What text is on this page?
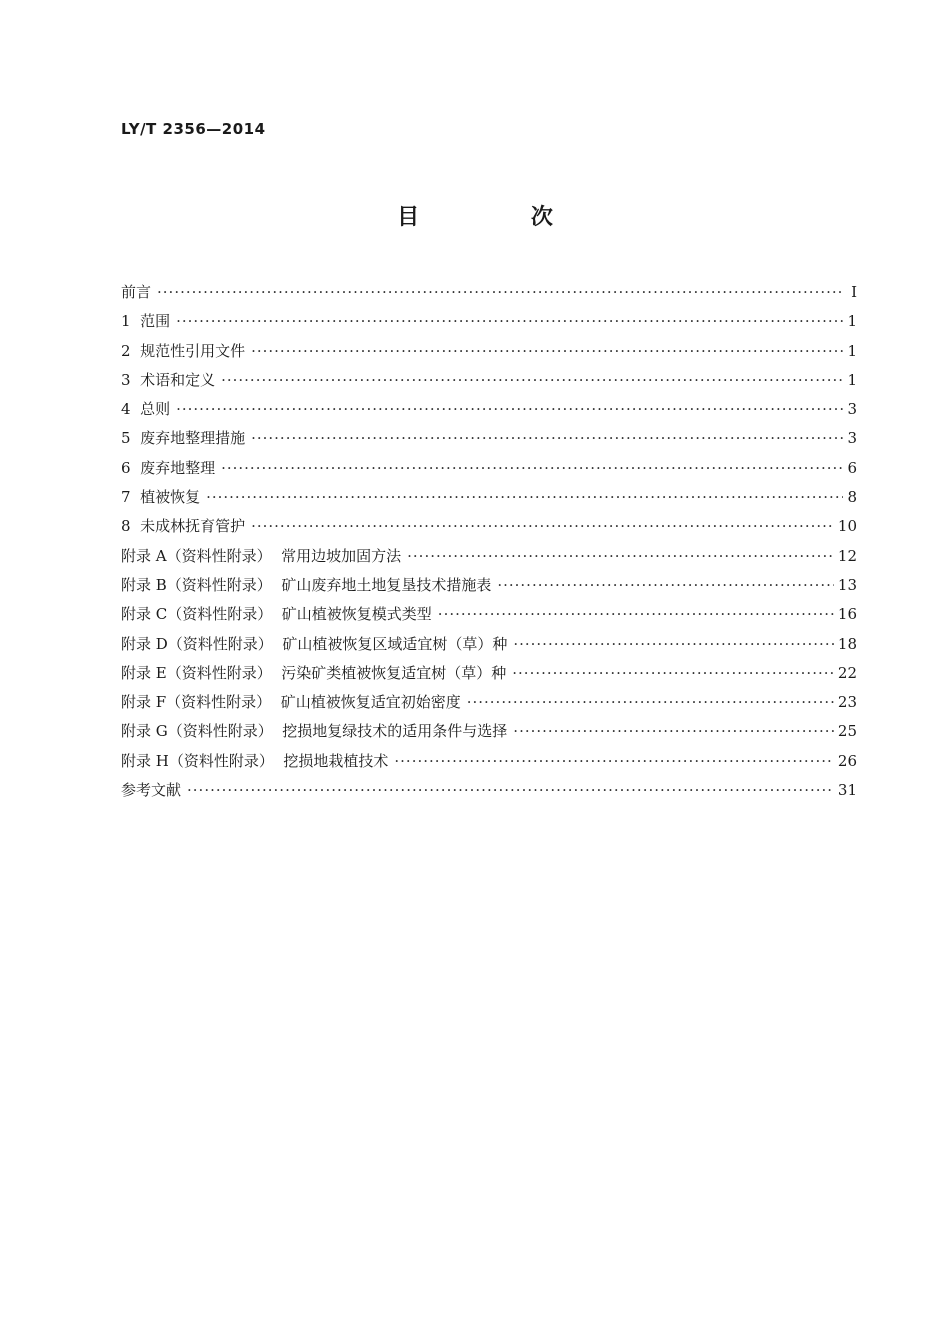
LY/T 2356—2014

目 次
前言 ·····	Ⅰ
1  范围 ·····	1
2  规范性引用文件 ·····	1
3  术语和定义 ·····	1
4  总则 ·····	3
5  废弃地整理措施 ·····	3
6  废弃地整理 ·····	6
7  植被恢复 ·····	8
8  未成林抚育管护 ·····	10
附录 A（资料性附录）  常用边坡加固方法 ·····	12
附录 B（资料性附录）  矿山废弃地土地复垦技术措施表 ·····	13
附录 C（资料性附录）  矿山植被恢复模式类型 ·····	16
附录 D（资料性附录）  矿山植被恢复区域适宜树（草）种 ·····	18
附录 E（资料性附录）  污染矿类植被恢复适宜树（草）种 ·····	22
附录 F（资料性附录）  矿山植被恢复适宜初始密度 ·····	23
附录 G（资料性附录）  挖损地复绿技术的适用条件与选择 ·····	25
附录 H（资料性附录）  挖损地栽植技术 ·····	26
参考文献 ·····	31
